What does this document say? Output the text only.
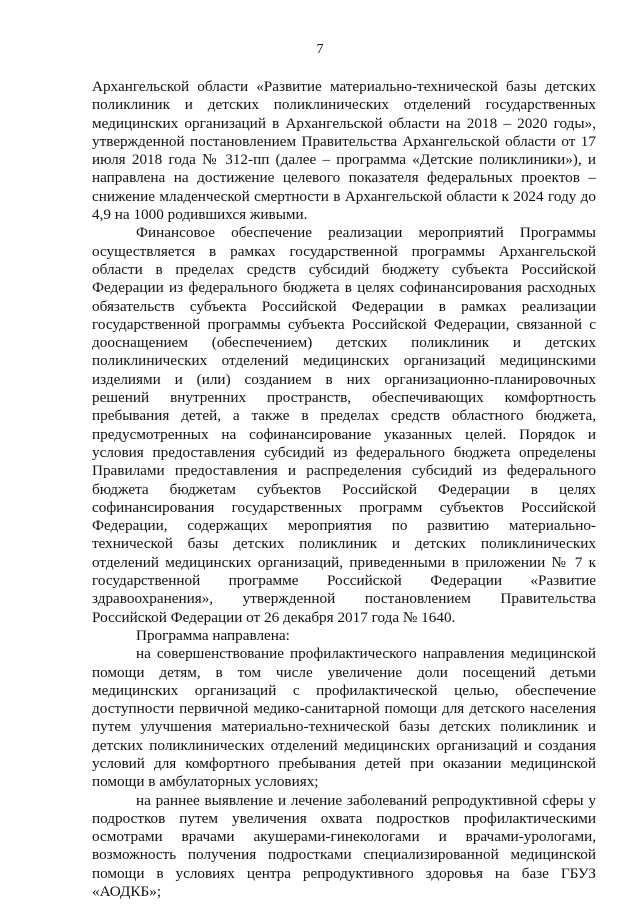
7

Архангельской области «Развитие материально-технической базы детских поликлиник и детских поликлинических отделений государственных медицинских организаций в Архангельской области на 2018 – 2020 годы», утвержденной постановлением Правительства Архангельской области от 17 июля 2018 года № 312-пп (далее – программа «Детские поликлиники»), и направлена на достижение целевого показателя федеральных проектов – снижение младенческой смертности в Архангельской области к 2024 году до 4,9 на 1000 родившихся живыми.

Финансовое обеспечение реализации мероприятий Программы осуществляется в рамках государственной программы Архангельской области в пределах средств субсидий бюджету субъекта Российской Федерации из федерального бюджета в целях софинансирования расходных обязательств субъекта Российской Федерации в рамках реализации государственной программы субъекта Российской Федерации, связанной с дооснащением (обеспечением) детских поликлиник и детских поликлинических отделений медицинских организаций медицинскими изделиями и (или) созданием в них организационно-планировочных решений внутренних пространств, обеспечивающих комфортность пребывания детей, а также в пределах средств областного бюджета, предусмотренных на софинансирование указанных целей. Порядок и условия предоставления субсидий из федерального бюджета определены Правилами предоставления и распределения субсидий из федерального бюджета бюджетам субъектов Российской Федерации в целях софинансирования государственных программ субъектов Российской Федерации, содержащих мероприятия по развитию материально-технической базы детских поликлиник и детских поликлинических отделений медицинских организаций, приведенными в приложении № 7 к государственной программе Российской Федерации «Развитие здравоохранения», утвержденной постановлением Правительства Российской Федерации от 26 декабря 2017 года № 1640.

Программа направлена:

на совершенствование профилактического направления медицинской помощи детям, в том числе увеличение доли посещений детьми медицинских организаций с профилактической целью, обеспечение доступности первичной медико-санитарной помощи для детского населения путем улучшения материально-технической базы детских поликлиник и детских поликлинических отделений медицинских организаций и создания условий для комфортного пребывания детей при оказании медицинской помощи в амбулаторных условиях;

на раннее выявление и лечение заболеваний репродуктивной сферы у подростков путем увеличения охвата подростков профилактическими осмотрами врачами акушерами-гинекологами и врачами-урологами, возможность получения подростками специализированной медицинской помощи в условиях центра репродуктивного здоровья на базе ГБУЗ «АОДКБ»;
